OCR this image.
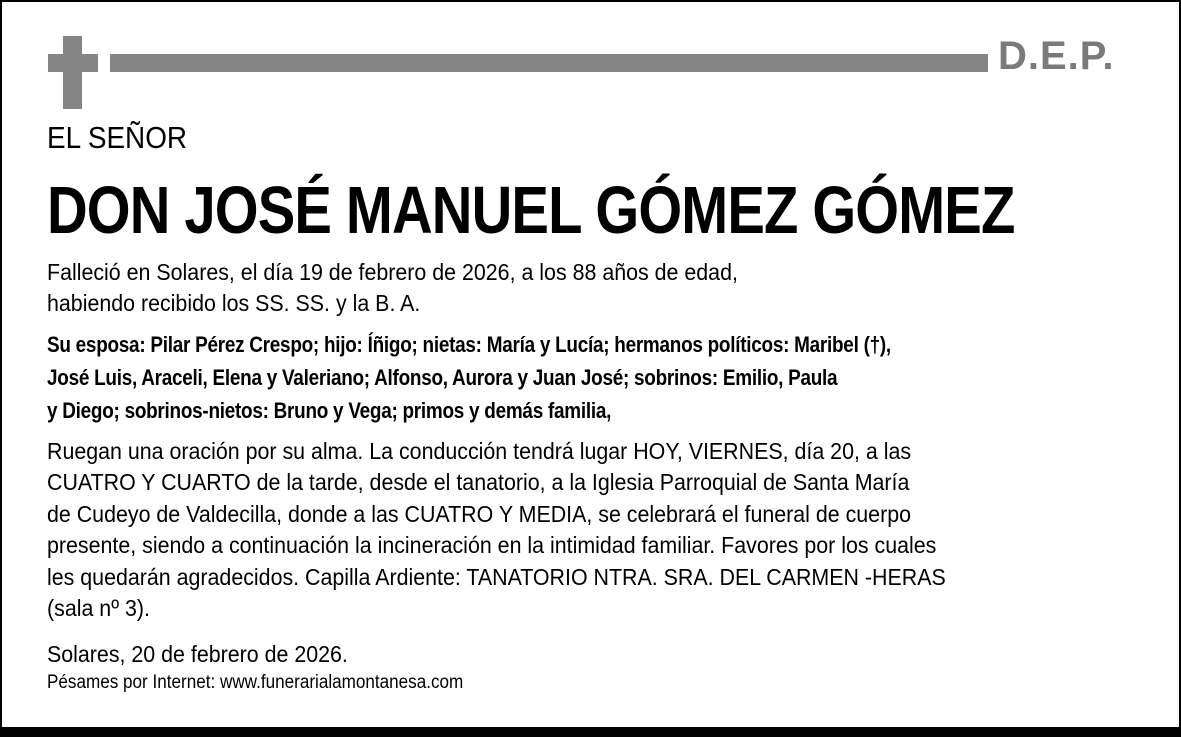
D.E.P.
EL SEÑOR
DON JOSÉ MANUEL GÓMEZ GÓMEZ
Falleció en Solares, el día 19 de febrero de 2026, a los 88 años de edad,
habiendo recibido los SS. SS. y la B. A.
Su esposa: Pilar Pérez Crespo; hijo: Íñigo; nietas: María y Lucía; hermanos políticos: Maribel (†),
José Luis, Araceli, Elena y Valeriano; Alfonso, Aurora y Juan José; sobrinos: Emilio, Paula
y Diego; sobrinos-nietos: Bruno y Vega; primos y demás familia,
Ruegan una oración por su alma. La conducción tendrá lugar HOY, VIERNES, día 20, a las
CUATRO Y CUARTO de la tarde, desde el tanatorio, a la Iglesia Parroquial de Santa María
de Cudeyo de Valdecilla, donde a las CUATRO Y MEDIA, se celebrará el funeral de cuerpo
presente, siendo a continuación la incineración en la intimidad familiar. Favores por los cuales
les quedarán agradecidos. Capilla Ardiente: TANATORIO NTRA. SRA. DEL CARMEN -HERAS
(sala nº 3).
Solares, 20 de febrero de 2026.
Pésames por Internet: www.funerarialamontanesa.com
